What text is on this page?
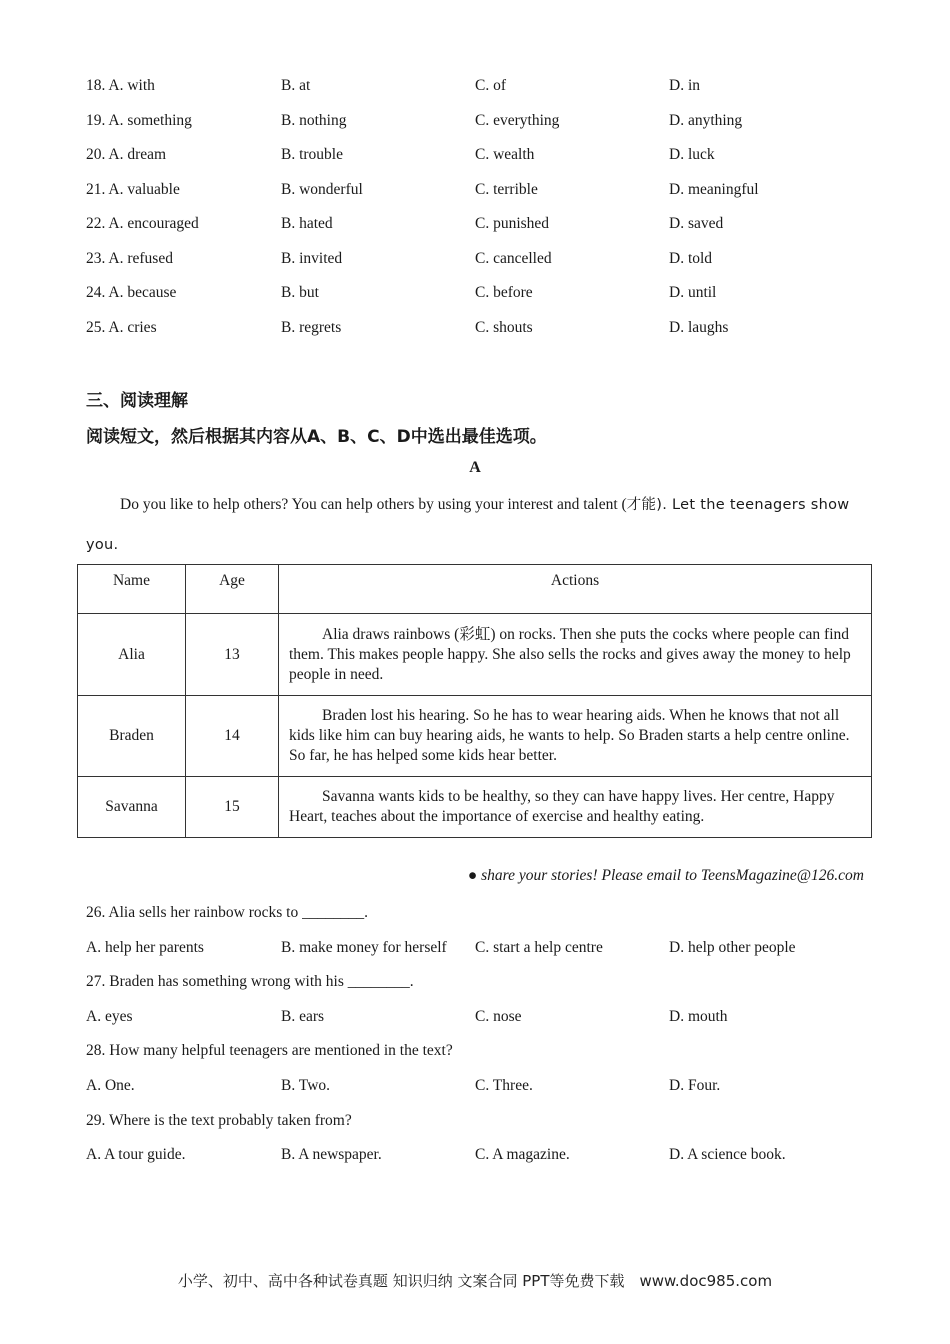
18. A. with	B. at	C. of	D. in
19. A. something	B. nothing	C. everything	D. anything
20. A. dream	B. trouble	C. wealth	D. luck
21. A. valuable	B. wonderful	C. terrible	D. meaningful
22. A. encouraged	B. hated	C. punished	D. saved
23. A. refused	B. invited	C. cancelled	D. told
24. A. because	B. but	C. before	D. until
25. A. cries	B. regrets	C. shouts	D. laughs
三、阅读理解
阅读短文，然后根据其内容从A、B、C、D中选出最佳选项。
A
Do you like to help others? You can help others by using your interest and talent (才能). Let the teenagers show you.
Name	Age	Actions
Alia	13	Alia draws rainbows (彩虹) on rocks. Then she puts the cocks where people can find them. This makes people happy. She also sells the rocks and gives away the money to help people in need.
Braden	14	Braden lost his hearing. So he has to wear hearing aids. When he knows that not all kids like him can buy hearing aids, he wants to help. So Braden starts a help centre online. So far, he has helped some kids hear better.
Savanna	15	Savanna wants kids to be healthy, so they can have happy lives. Her centre, Happy Heart, teaches about the importance of exercise and healthy eating.
● share your stories! Please email to TeensMagazine@126.com
26. Alia sells her rainbow rocks to ________.
A. help her parents	B. make money for herself C. start a help centre	D. help other people
27. Braden has something wrong with his ________.
A. eyes	B. ears	C. nose	D. mouth
28. How many helpful teenagers are mentioned in the text?
A. One.	B. Two.	C. Three.	D. Four.
29. Where is the text probably taken from?
A. A tour guide.	B. A newspaper.	C. A magazine.	D. A science book.
小学、初中、高中各种试卷真题 知识归纳 文案合同 PPT等免费下载　www.doc985.com
